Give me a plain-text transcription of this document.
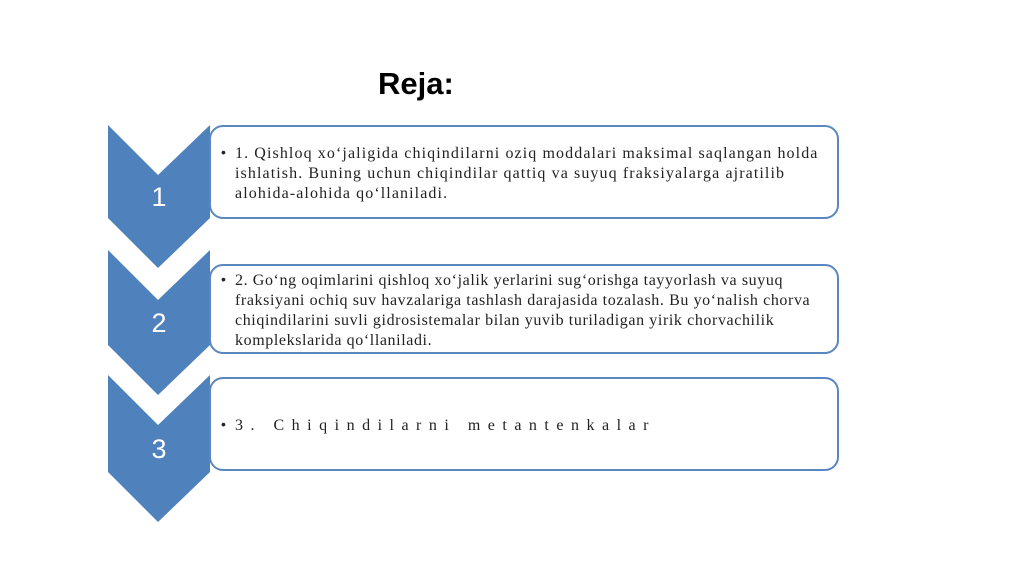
Reja:
1
2
3
• 1. Qishloq xo‘jaligida chiqindilarni oziq moddalari maksimal saqlangan holda ishlatish. Buning uchun chiqindilar qattiq va suyuq fraksiyalarga ajratilib alohida-alohida qo‘llaniladi.
• 2. Go‘ng oqimlarini qishloq xo‘jalik yerlarini sug‘orishga tayyorlash va suyuq fraksiyani ochiq suv havzalariga tashlash darajasida tozalash. Bu yo‘nalish chorva chiqindilarini suvli gidrosistemalar bilan yuvib turiladigan yirik chorvachilik komplekslarida qo‘llaniladi.
• 3. Chiqindilarni metantenkalar
